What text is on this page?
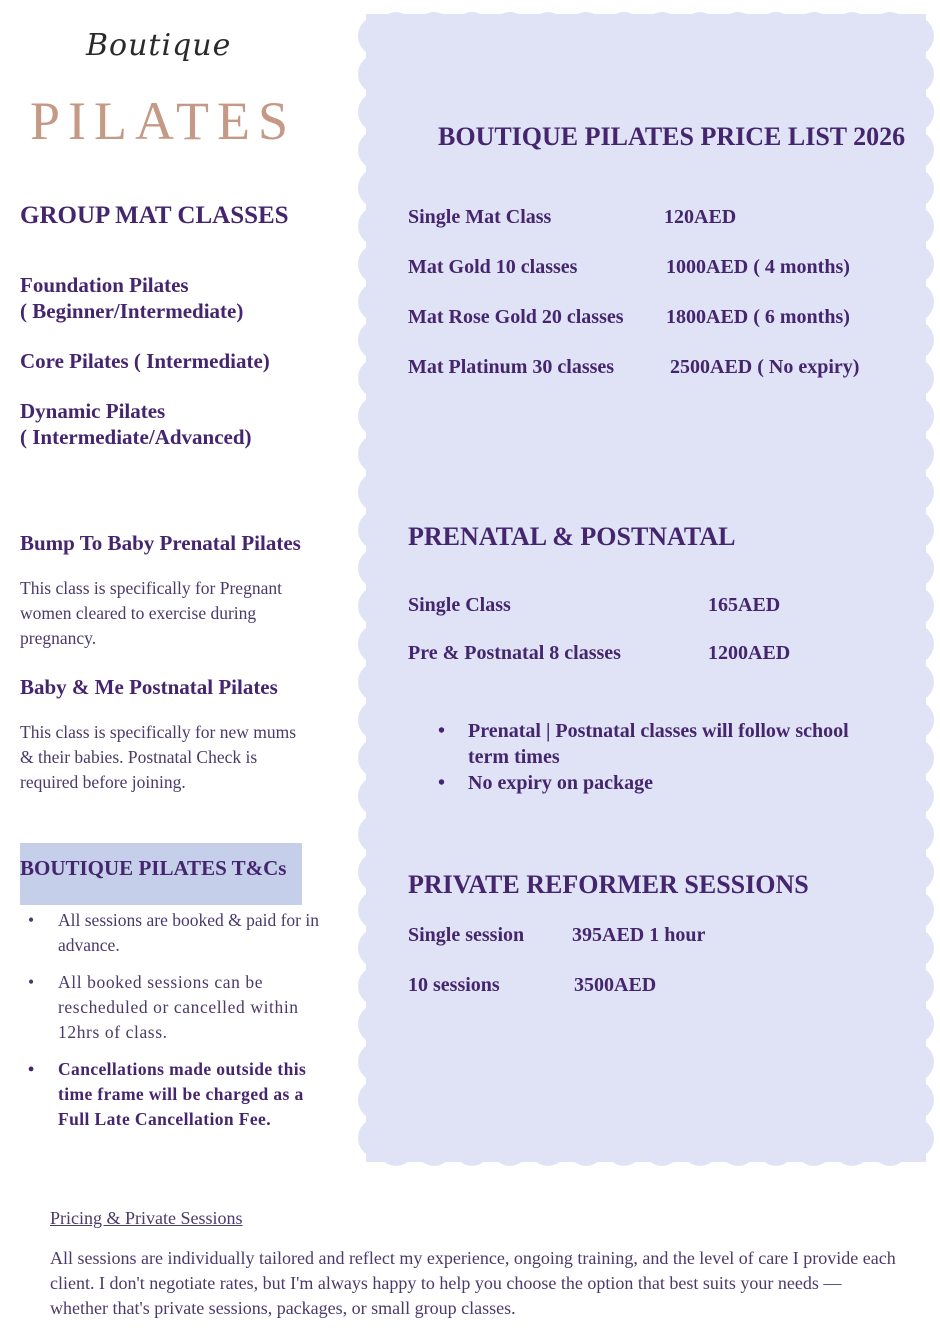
Boutique
PILATES
GROUP MAT CLASSES
Foundation Pilates
( Beginner/Intermediate)
Core Pilates ( Intermediate)
Dynamic Pilates
( Intermediate/Advanced)
Bump To Baby Prenatal Pilates
This class is specifically for Pregnant women cleared to exercise during pregnancy.
Baby & Me Postnatal Pilates
This class is specifically for new mums & their babies. Postnatal Check is required before joining.
BOUTIQUE PILATES T&Cs
• All sessions are booked & paid for in advance.
• All booked sessions can be rescheduled or cancelled within 12hrs of class.
• Cancellations made outside this time frame will be charged as a Full Late Cancellation Fee.
BOUTIQUE PILATES PRICE LIST 2026
Single Mat Class	120AED
Mat Gold 10 classes	1000AED ( 4 months)
Mat Rose Gold 20 classes 1800AED ( 6 months)
Mat Platinum 30 classes	2500AED ( No expiry)
PRENATAL & POSTNATAL
Single Class	165AED
Pre & Postnatal 8 classes	1200AED
• Prenatal | Postnatal classes will follow school term times
• No expiry on package
PRIVATE REFORMER SESSIONS
Single session 395AED 1 hour
10 sessions	3500AED
Pricing & Private Sessions
All sessions are individually tailored and reflect my experience, ongoing training, and the level of care I provide each client. I don't negotiate rates, but I'm always happy to help you choose the option that best suits your needs — whether that's private sessions, packages, or small group classes.
